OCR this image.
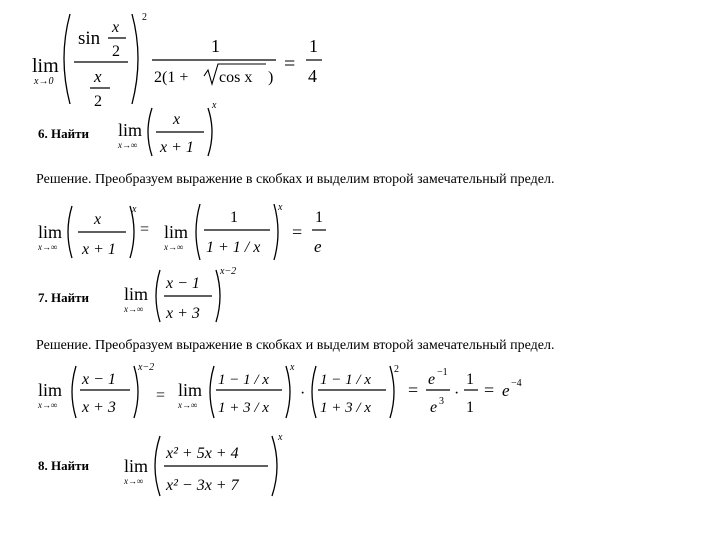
lim
x→0
sin
x
2
x
2
2
1
2(1 + cos x )
=
1
4
6. Найти lim
x→∞
x
x + 1
x
Решение. Преобразуем выражение в скобках и выделим второй замечательный предел.
lim
x→∞
x
x + 1
x
= lim
x→∞
1
1 + 1 / x
x
=
1
e
7. Найти lim
x→∞
x − 1
x + 3
x−2
Решение. Преобразуем выражение в скобках и выделим второй замечательный предел.
lim
x→∞
x − 1
x + 3
x−2
= lim
x→∞
1 − 1 / x
1 + 3 / x
x
·
1 − 1 / x
1 + 3 / x
2
=
e −1
e 3 ·
1
1
= e −4
8. Найти lim
x→∞
x² + 5x + 4
x² − 3x + 7
x
